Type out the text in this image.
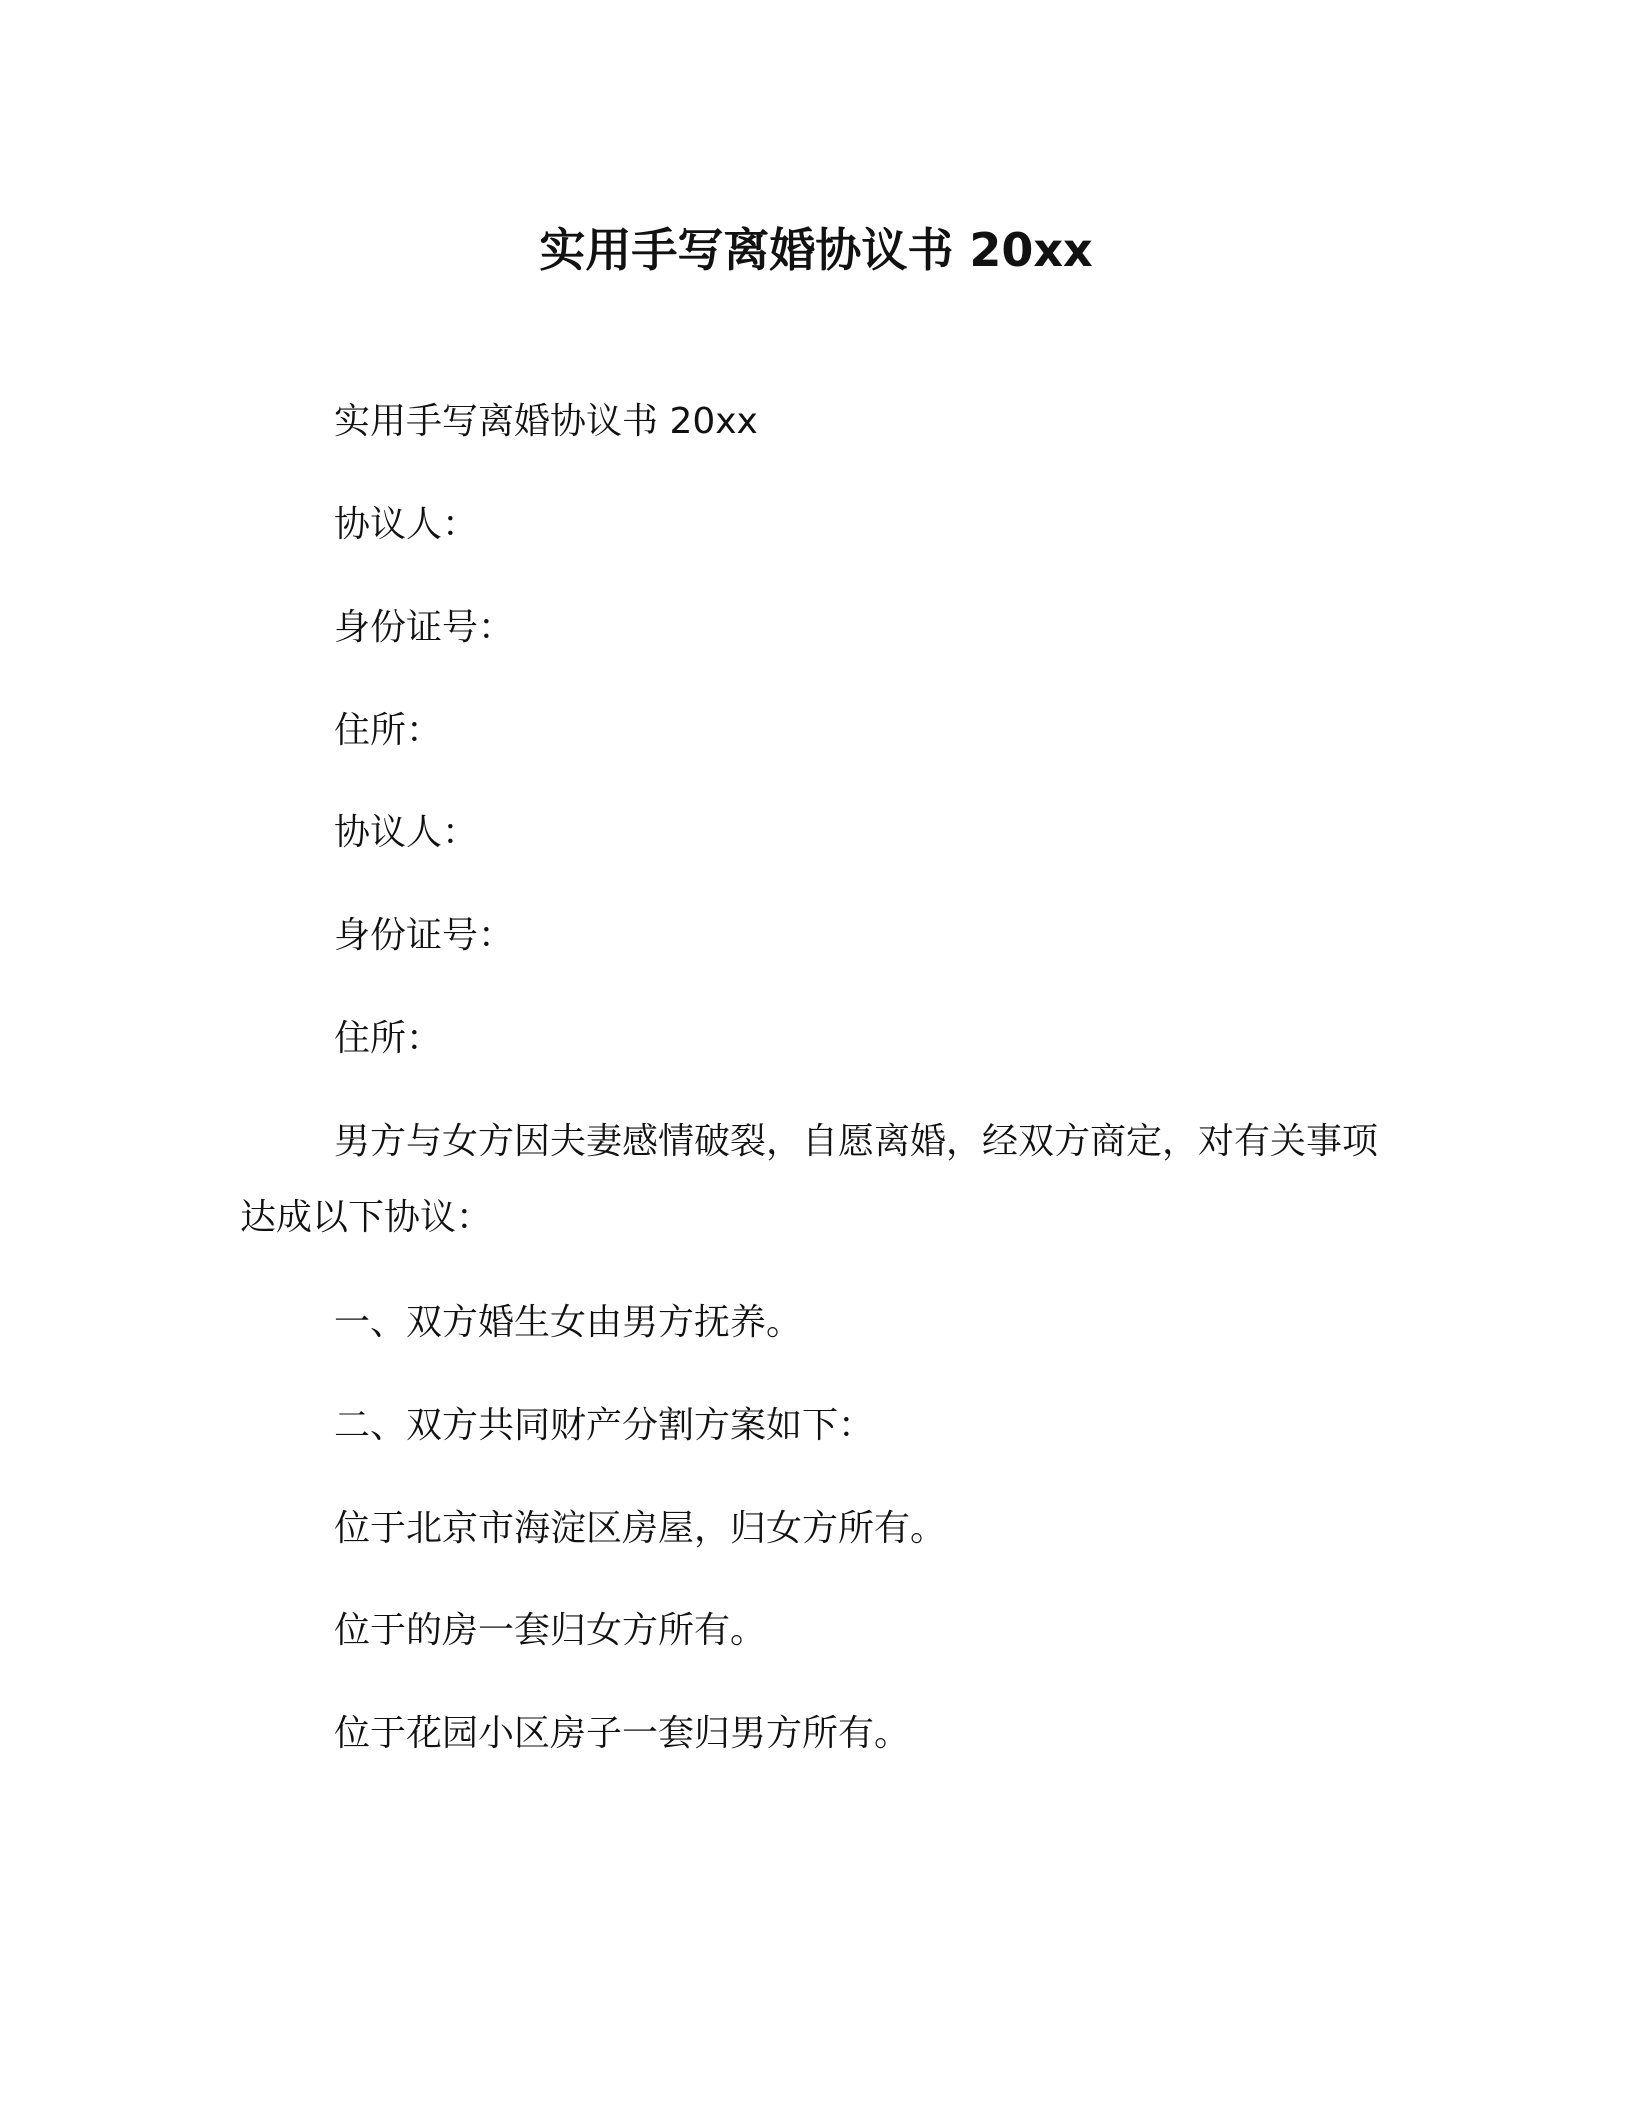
实用手写离婚协议书 20xx
实用手写离婚协议书 20xx
协议人：
身份证号：
住所：
协议人：
身份证号：
住所：
男方与女方因夫妻感情破裂，自愿离婚，经双方商定，对有关事项达成以下协议：
一、双方婚生女由男方抚养。
二、双方共同财产分割方案如下：
位于北京市海淀区房屋，归女方所有。
位于的房一套归女方所有。
位于花园小区房子一套归男方所有。
